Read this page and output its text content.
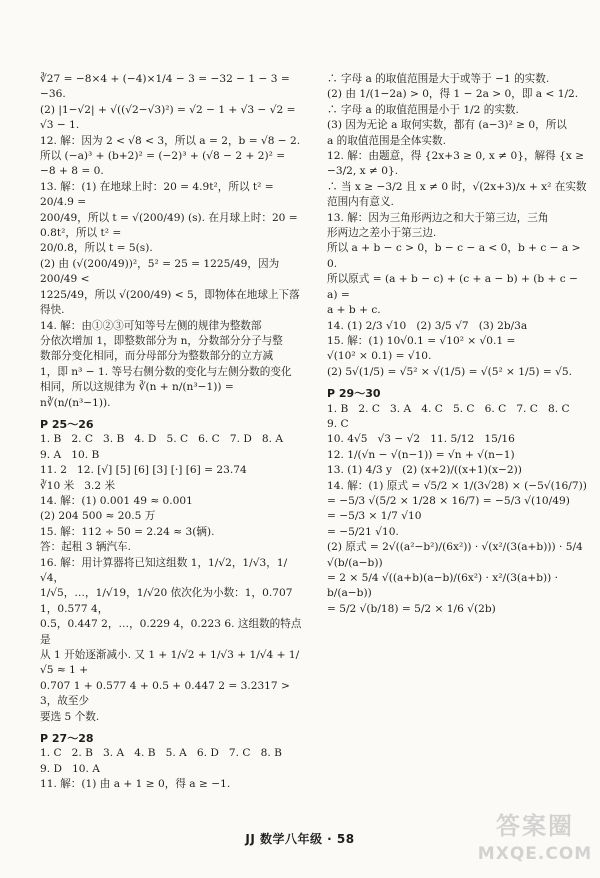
∛27 = −8×4 + (−4)×1/4 − 3 = −32 − 1 − 3 = −36.
(2) |1−√2| + √((√2−√3)²) = √2 − 1 + √3 − √2 =
√3 − 1.
12. 解：因为 2 < √8 < 3，所以 a = 2，b = √8 − 2.
所以 (−a)³ + (b+2)² = (−2)³ + (√8 − 2 + 2)² =
−8 + 8 = 0.
13. 解：(1) 在地球上时：20 = 4.9t²，所以 t² = 20/4.9 =
200/49，所以 t = √(200/49) (s). 在月球上时：20 = 0.8t²，所以 t² =
20/0.8，所以 t = 5(s).
(2) 由 (√(200/49))²，5² = 25 = 1225/49，因为 200/49 <
1225/49，所以 √(200/49) < 5，即物体在地球上下落得快.
14. 解：由①②③可知等号左侧的规律为整数部
分依次增加 1，即整数部分为 n，分数部分分子与整
数部分变化相同，而分母部分为整数部分的立方减
1，即 n³ − 1. 等号右侧分数的变化与左侧分数的变化
相同，所以这规律为 ∛(n + n/(n³−1)) = n∛(n/(n³−1)).
P 25～26
1. B   2. C   3. B   4. D   5. C   6. C   7. D   8. A
9. A   10. B
11. 2   12. [√] [5] [6] [3] [·] [6] = 23.74
∛10 米   3.2 米
14. 解：(1) 0.001 49 ≈ 0.001
(2) 204 500 ≈ 20.5 万
15. 解：112 ÷ 50 = 2.24 ≈ 3(辆).
答：起租 3 辆汽车.
16. 解：用计算器将已知这组数 1，1/√2，1/√3，1/√4，
1/√5，…，1/√19，1/√20 依次化为小数：1，0.707 1，0.577 4，
0.5，0.447 2，…，0.229 4，0.223 6. 这组数的特点是
从 1 开始逐渐减小. 又 1 + 1/√2 + 1/√3 + 1/√4 + 1/√5 ≈ 1 +
0.707 1 + 0.577 4 + 0.5 + 0.447 2 = 3.2317 > 3，故至少
要选 5 个数.
P 27～28
1. C   2. B   3. A   4. B   5. A   6. D   7. C   8. B
9. D   10. A
11. 解：(1) 由 a + 1 ≥ 0，得 a ≥ −1.
∴ 字母 a 的取值范围是大于或等于 −1 的实数.
(2) 由 1/(1−2a) > 0，得 1 − 2a > 0，即 a < 1/2.
∴ 字母 a 的取值范围是小于 1/2 的实数.
(3) 因为无论 a 取何实数，都有 (a−3)² ≥ 0，所以
a 的取值范围是全体实数.
12. 解：由题意，得 {2x+3 ≥ 0, x ≠ 0}，解得 {x ≥ −3/2, x ≠ 0}.
∴ 当 x ≥ −3/2 且 x ≠ 0 时，√(2x+3)/x + x² 在实数
范围内有意义.
13. 解：因为三角形两边之和大于第三边，三角
形两边之差小于第三边.
所以 a + b − c > 0，b − c − a < 0，b + c − a > 0.
所以原式 = (a + b − c) + (c + a − b) + (b + c − a) =
a + b + c.
14. (1) 2/3 √10   (2) 3/5 √7   (3) 2b/3a
15. 解：(1) 10√0.1 = √10² × √0.1 =
√(10² × 0.1) = √10.
(2) 5√(1/5) = √5² × √(1/5) = √(5² × 1/5) = √5.
P 29～30
1. B   2. C   3. A   4. C   5. C   6. C   7. C   8. C
9. C
10. 4√5   √3 − √2   11. 5/12   15/16
12. 1/(√n − √(n−1)) = √n + √(n−1)
13. (1) 4/3 y   (2) (x+2)/((x+1)(x−2))
14. 解：(1) 原式 = √5/2 × 1/(3√28) × (−5√(16/7))
= −5/3 √(5/2 × 1/28 × 16/7) = −5/3 √(10/49)
= −5/3 × 1/7 √10
= −5/21 √10.
(2) 原式 = 2√((a²−b²)/(6x²)) · √(x²/(3(a+b))) · 5/4 √(b/(a−b))
= 2 × 5/4 √((a+b)(a−b)/(6x²) · x²/(3(a+b)) · b/(a−b))
= 5/2 √(b/18) = 5/2 × 1/6 √(2b)
JJ 数学八年级 · 58	答案圈
MXQE.COM
